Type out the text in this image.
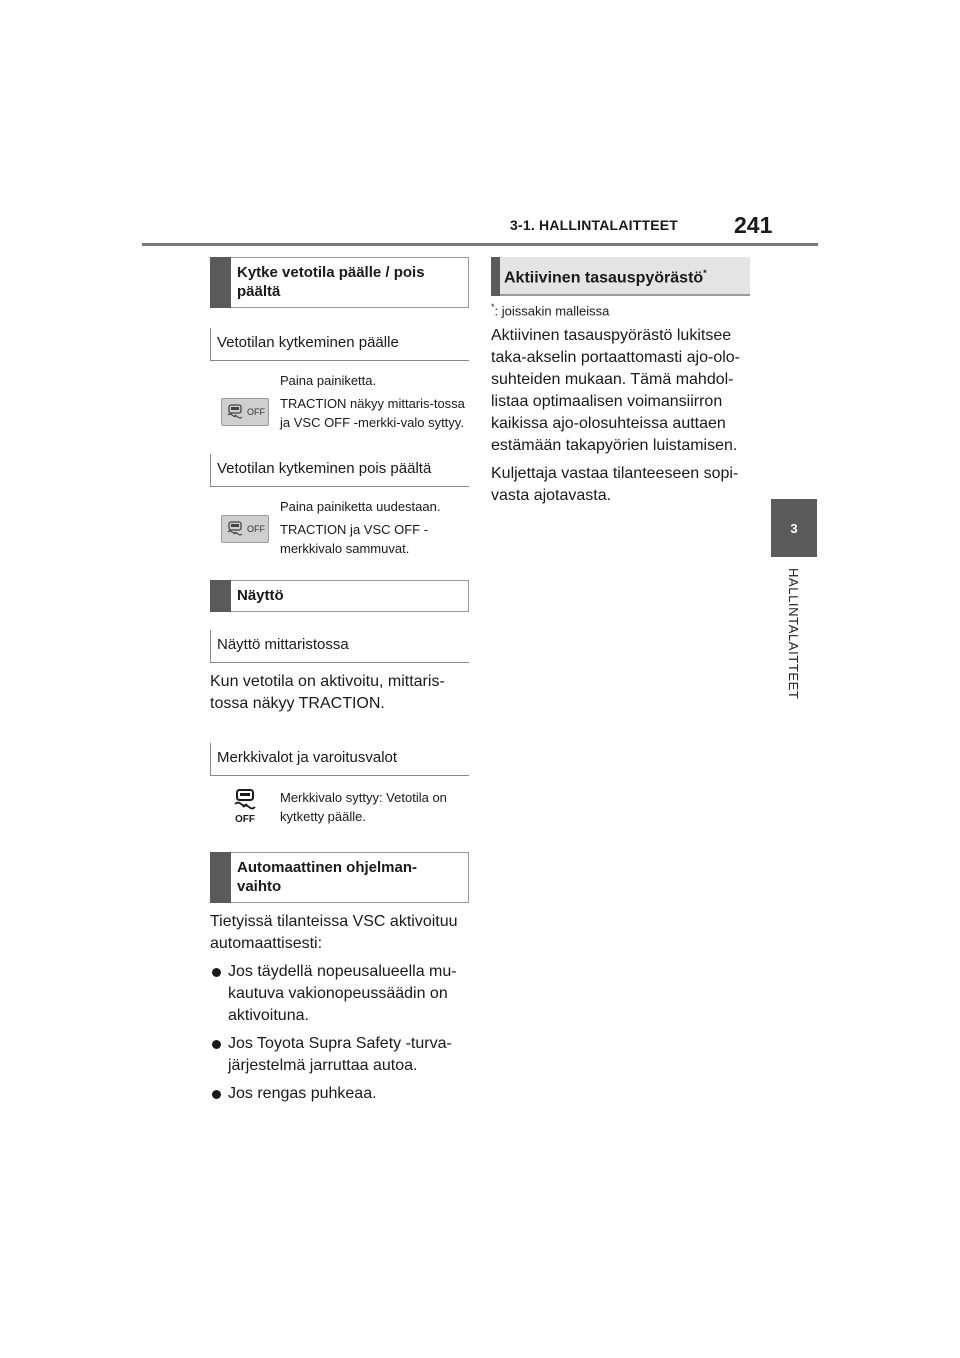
3-1. HALLINTALAITTEET 241
3
HALLINTALAITTEET
Kytke vetotila päälle / pois päältä
Vetotilan kytkeminen päälle
OFF

Paina painiketta.

TRACTION näkyy mittaris-tossa ja VSC OFF -merkki-valo syttyy.

Vetotilan kytkeminen pois päältä
OFF

Paina painiketta uudestaan.

TRACTION ja VSC OFF -merkkivalo sammuvat.

Näyttö
Näyttö mittaristossa

Kun vetotila on aktivoitu, mittaris-tossa näkyy TRACTION.

Merkkivalot ja varoitusvalot
OFF

Merkkivalo syttyy: Vetotila on kytketty päälle.

Automaattinen ohjelman-vaihto

Tietyissä tilanteissa VSC aktivoituu automaattisesti:

Jos täydellä nopeusalueella mu-kautuva vakionopeussäädin on aktivoituna.
Jos Toyota Supra Safety -turva-järjestelmä jarruttaa autoa.
Jos rengas puhkeaa.
Aktiivinen tasauspyörästö*

*: joissakin malleissa

Aktiivinen tasauspyörästö lukitsee taka-akselin portaattomasti ajo-olo-suhteiden mukaan. Tämä mahdol-listaa optimaalisen voimansiirron kaikissa ajo-olosuhteissa auttaen estämään takapyörien luistamisen.

Kuljettaja vastaa tilanteeseen sopi-vasta ajotavasta.
